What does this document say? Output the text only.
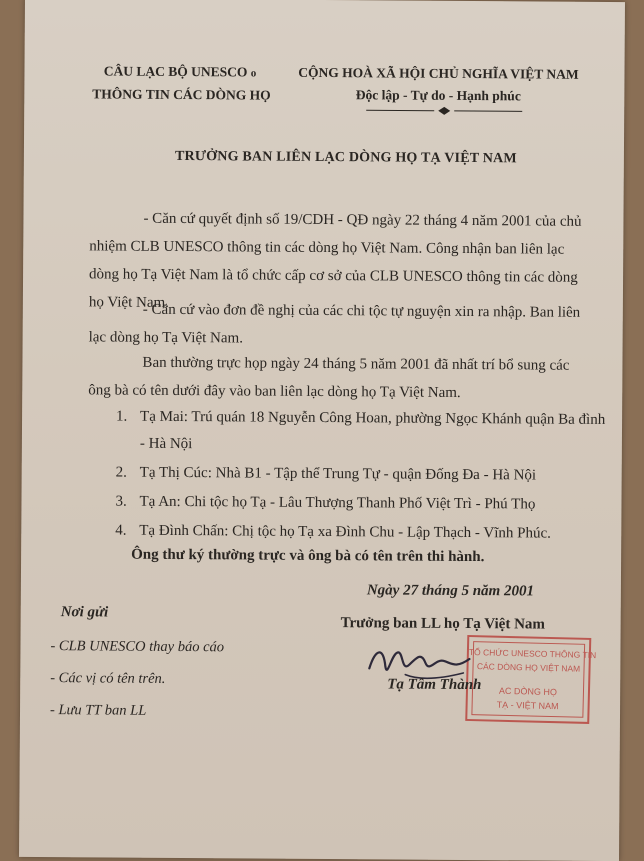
CÂU LẠC BỘ UNESCO o
THÔNG TIN CÁC DÒNG HỌ
CỘNG HOÀ XÃ HỘI CHỦ NGHĨA VIỆT NAM
Độc lập - Tự do - Hạnh phúc
TRƯỞNG BAN LIÊN LẠC DÒNG HỌ TẠ VIỆT NAM
- Căn cứ quyết định số 19/CDH - QĐ ngày 22 tháng 4 năm 2001 của chủ nhiệm CLB UNESCO thông tin các dòng họ Việt Nam. Công nhận ban liên lạc dòng họ Tạ Việt Nam là tổ chức cấp cơ sở của CLB UNESCO thông tin các dòng họ Việt Nam.
- Căn cứ vào đơn đề nghị của các chi tộc tự nguyện xin ra nhập. Ban liên lạc dòng họ Tạ Việt Nam.
Ban thường trực họp ngày 24 tháng 5 năm 2001 đã nhất trí bổ sung các ông bà có tên dưới đây vào ban liên lạc dòng họ Tạ Việt Nam.
1. Tạ Mai: Trú quán 18 Nguyễn Công Hoan, phường Ngọc Khánh quận Ba đình - Hà Nội
2. Tạ Thị Cúc: Nhà B1 - Tập thể Trung Tự - quận Đống Đa - Hà Nội
3. Tạ An: Chi tộc họ Tạ - Lâu Thượng Thanh Phố Việt Trì - Phú Thọ
4. Tạ Đình Chấn: Chị tộc họ Tạ xa Đình Chu - Lập Thạch - Vĩnh Phúc.
Ông thư ký thường trực và ông bà có tên trên thi hành.
Ngày 27 tháng 5 năm 2001
Trưởng ban LL họ Tạ Việt Nam
TỔ CHỨC UNESCO THÔNG TIN
CÁC DÒNG HỌ VIỆT NAM
AC DÒNG HỌ
TẠ - VIỆT NAM
Tạ Tâm Thành
Nơi gửi
- CLB UNESCO thay báo cáo
- Các vị có tên trên.
- Lưu TT ban LL
